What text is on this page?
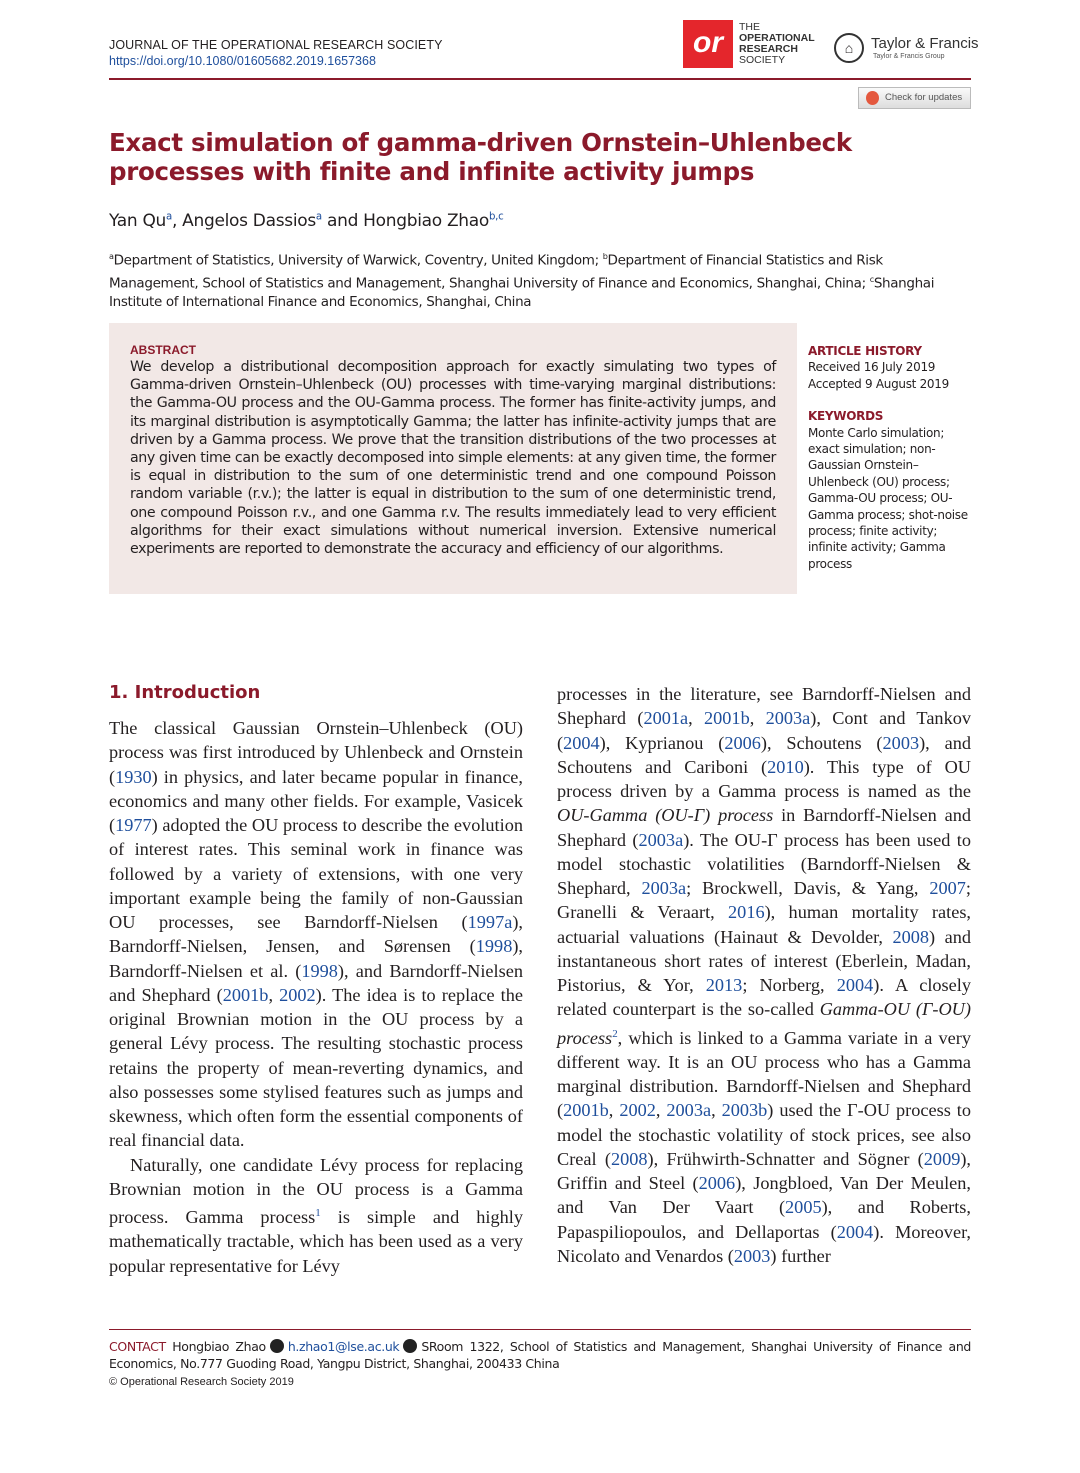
JOURNAL OF THE OPERATIONAL RESEARCH SOCIETY
https://doi.org/10.1080/01605682.2019.1657368
or	THE
OPERATIONAL
RESEARCH
SOCIETY
⌂	Taylor & Francis
Taylor & Francis Group
Check for updates
Exact simulation of gamma-driven Ornstein–Uhlenbeck processes with finite and infinite activity jumps
Yan Qu$^a$, Angelos Dassios$^a$ and Hongbiao Zhao$^{b,c}$
$^a$Department of Statistics, University of Warwick, Coventry, United Kingdom; $^b$Department of Financial Statistics and Risk Management, School of Statistics and Management, Shanghai University of Finance and Economics, Shanghai, China; $^c$Shanghai Institute of International Finance and Economics, Shanghai, China
ABSTRACT
We develop a distributional decomposition approach for exactly simulating two types of Gamma-driven Ornstein–Uhlenbeck (OU) processes with time-varying marginal distributions: the Gamma-OU process and the OU-Gamma process. The former has finite-activity jumps, and its marginal distribution is asymptotically Gamma; the latter has infinite-activity jumps that are driven by a Gamma process. We prove that the transition distributions of the two processes at any given time can be exactly decomposed into simple elements: at any given time, the former is equal in distribution to the sum of one deterministic trend and one compound Poisson random variable (r.v.); the latter is equal in distribution to the sum of one deterministic trend, one compound Poisson r.v., and one Gamma r.v. The results immediately lead to very efficient algorithms for their exact simulations without numerical inversion. Extensive numerical experiments are reported to demonstrate the accuracy and efficiency of our algorithms.
ARTICLE HISTORY
Received 16 July 2019
Accepted 9 August 2019
KEYWORDS
Monte Carlo simulation; exact simulation; non-Gaussian Ornstein–Uhlenbeck (OU) process; Gamma-OU process; OU-Gamma process; shot-noise process; finite activity; infinite activity; Gamma process
1. Introduction

The classical Gaussian Ornstein–Uhlenbeck (OU) process was first introduced by Uhlenbeck and Ornstein (1930) in physics, and later became popular in finance, economics and many other fields. For example, Vasicek (1977) adopted the OU process to describe the evolution of interest rates. This seminal work in finance was followed by a variety of extensions, with one very important example being the family of non-Gaussian OU processes, see Barndorff-Nielsen (1997a), Barndorff-Nielsen, Jensen, and Sørensen (1998), Barndorff-Nielsen et al. (1998), and Barndorff-Nielsen and Shephard (2001b, 2002). The idea is to replace the original Brownian motion in the OU process by a general Lévy process. The resulting stochastic process retains the property of mean-reverting dynamics, and also possesses some stylised features such as jumps and skewness, which often form the essential components of real financial data.

Naturally, one candidate Lévy process for replacing Brownian motion in the OU process is a Gamma process. Gamma process$^1$ is simple and highly mathematically tractable, which has been used as a very popular representative for Lévy

processes in the literature, see Barndorff-Nielsen and Shephard (2001a, 2001b, 2003a), Cont and Tankov (2004), Kyprianou (2006), Schoutens (2003), and Schoutens and Cariboni (2010). This type of OU process driven by a Gamma process is named as the OU-Gamma (OU-Γ) process in Barndorff-Nielsen and Shephard (2003a). The OU-Γ process has been used to model stochastic volatilities (Barndorff-Nielsen & Shephard, 2003a; Brockwell, Davis, & Yang, 2007; Granelli & Veraart, 2016), human mortality rates, actuarial valuations (Hainaut & Devolder, 2008) and instantaneous short rates of interest (Eberlein, Madan, Pistorius, & Yor, 2013; Norberg, 2004). A closely related counterpart is the so-called Gamma-OU (Γ-OU) process$^2$, which is linked to a Gamma variate in a very different way. It is an OU process who has a Gamma marginal distribution. Barndorff-Nielsen and Shephard (2001b, 2002, 2003a, 2003b) used the Γ-OU process to model the stochastic volatility of stock prices, see also Creal (2008), Frühwirth-Schnatter and Sögner (2009), Griffin and Steel (2006), Jongbloed, Van Der Meulen, and Van Der Vaart (2005), and Roberts, Papaspiliopoulos, and Dellaportas (2004). Moreover, Nicolato and Venardos (2003) further

CONTACT Hongbiao Zhao h.zhao1@lse.ac.uk SRoom 1322, School of Statistics and Management, Shanghai University of Finance and Economics, No.777 Guoding Road, Yangpu District, Shanghai, 200433 China
© Operational Research Society 2019
